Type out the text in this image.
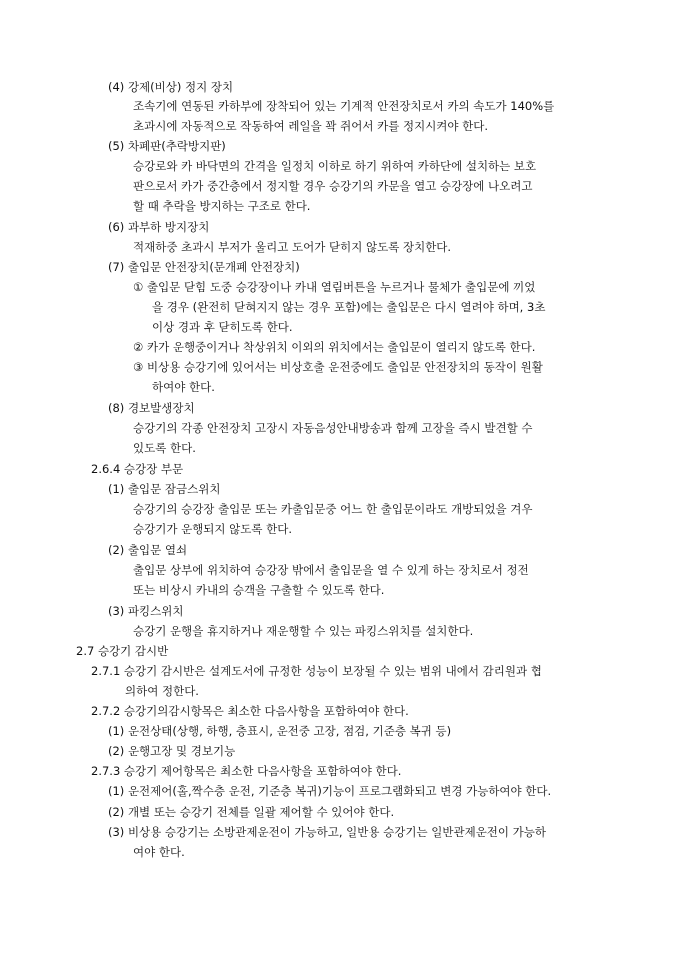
(4) 강제(비상) 정지 장치
조속기에 연동된 카하부에 장착되어 있는 기계적 안전장치로서 카의 속도가 140%를
초과시에 자동적으로 작동하여 레일을 꽉 쥐어서 카를 정지시켜야 한다.
(5) 차폐판(추락방지판)
승강로와 카 바닥면의 간격을 일정치 이하로 하기 위하여 카하단에 설치하는 보호
판으로서 카가 중간층에서 정지할 경우 승강기의 카문을 열고 승강장에 나오려고
할 때 추락을 방지하는 구조로 한다.
(6) 과부하 방지장치
적재하중 초과시 부저가 울리고 도어가 닫히지 않도록 장치한다.
(7) 출입문 안전장치(문개폐 안전장치)
① 출입문 닫힘 도중 승강장이나 카내 열림버튼을 누르거나 물체가 출입문에 끼었
을 경우 (완전히 닫혀지지 않는 경우 포함)에는 출입문은 다시 열려야 하며, 3초
이상 경과 후 닫히도록 한다.
② 카가 운행중이거나 착상위치 이외의 위치에서는 출입문이 열리지 않도록 한다.
③ 비상용 승강기에 있어서는 비상호출 운전중에도 출입문 안전장치의 동작이 원활
하여야 한다.
(8) 경보발생장치
승강기의 각종 안전장치 고장시 자동음성안내방송과 함께 고장을 즉시 발견할 수
있도록 한다.
2.6.4 승강장 부문
(1) 출입문 잠금스위치
승강기의 승강장 출입문 또는 카출입문중 어느 한 출입문이라도 개방되었을 겨우
승강기가 운행되지 않도록 한다.
(2) 출입문 열쇠
출입문 상부에 위치하여 승강장 밖에서 출입문을 열 수 있게 하는 장치로서 정전
또는 비상시 카내의 승객을 구출할 수 있도록 한다.
(3) 파킹스위치
승강기 운행을 휴지하거나 재운행할 수 있는 파킹스위치를 설치한다.
2.7 승강기 감시반
2.7.1 승강기 감시반은 설계도서에 규정한 성능이 보장될 수 있는 범위 내에서 감리원과 협
의하여 정한다.
2.7.2 승강기의감시항목은 최소한 다음사항을 포함하여야 한다.
(1) 운전상태(상행, 하행, 층표시, 운전중 고장, 점검, 기준층 복귀 등)
(2) 운행고장 및 경보기능
2.7.3 승강기 제어항목은 최소한 다음사항을 포함하여야 한다.
(1) 운전제어(홀,짝수층 운전, 기준층 복귀)기능이 프로그램화되고 변경 가능하여야 한다.
(2) 개별 또는 승강기 전체를 일괄 제어할 수 있어야 한다.
(3) 비상용 승강기는 소방관제운전이 가능하고, 일반용 승강기는 일반관제운전이 가능하
여야 한다.
